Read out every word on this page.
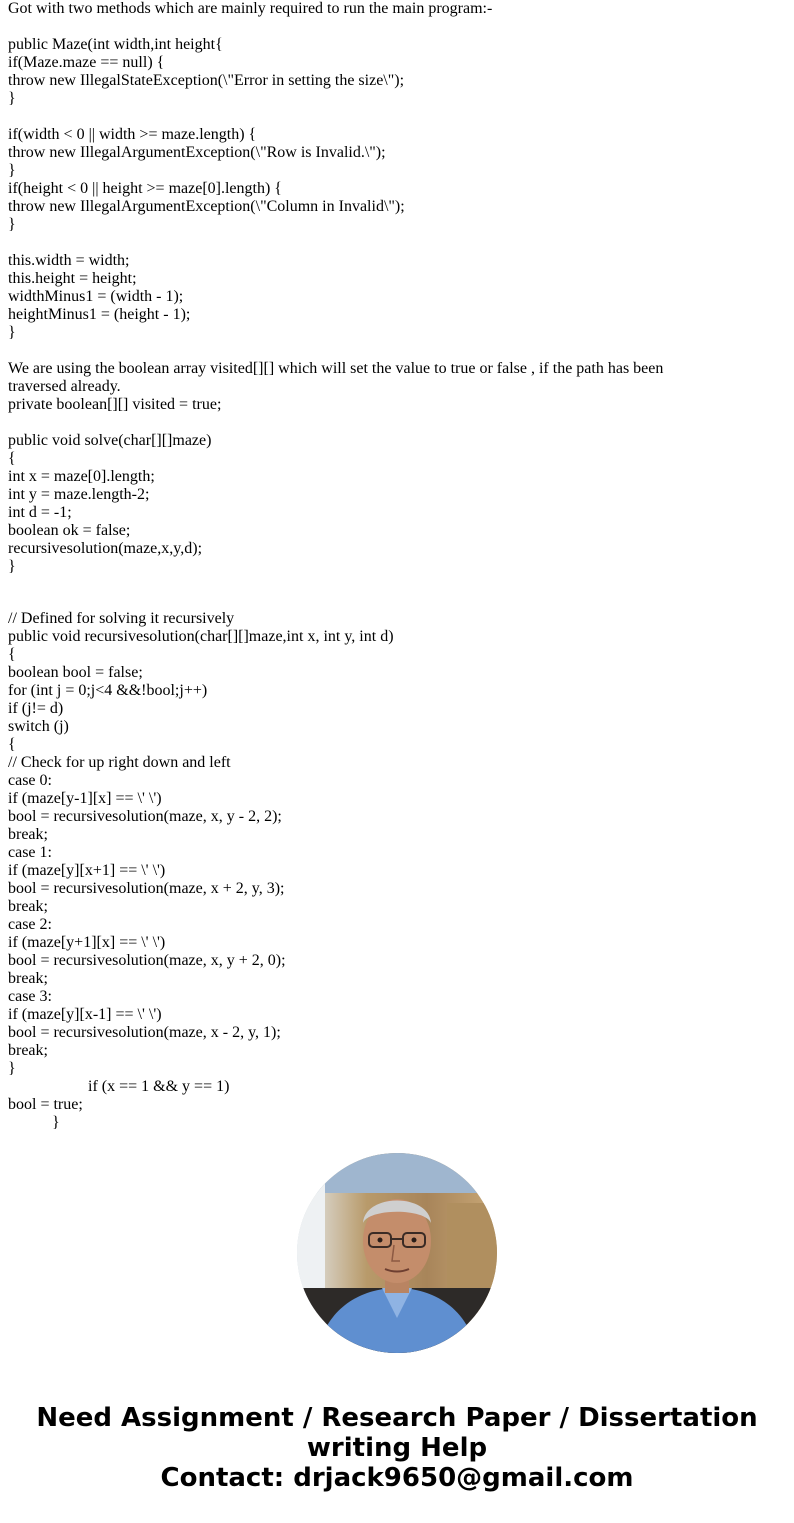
Got with two methods which are mainly required to run the main program:-
public Maze(int width,int height{
if(Maze.maze == null) {
throw new IllegalStateException(\"Error in setting the size\");
}
if(width < 0 || width >= maze.length) {
throw new IllegalArgumentException(\"Row is Invalid.\");
}
if(height < 0 || height >= maze[0].length) {
throw new IllegalArgumentException(\"Column in Invalid\");
}
this.width = width;
this.height = height;
widthMinus1 = (width - 1);
heightMinus1 = (height - 1);
}
We are using the boolean array visited[][] which will set the value to true or false , if the path has been
traversed already.
private boolean[][] visited = true;
public void solve(char[][]maze)
{
int x = maze[0].length;
int y = maze.length-2;
int d = -1;
boolean ok = false;
recursivesolution(maze,x,y,d);
}
// Defined for solving it recursively
public void recursivesolution(char[][]maze,int x, int y, int d)
{
boolean bool = false;
for (int j = 0;j<4 &&!bool;j++)
if (j!= d)
switch (j)
{
// Check for up right down and left
case 0:
if (maze[y-1][x] == \' \')
bool = recursivesolution(maze, x, y - 2, 2);
break;
case 1:
if (maze[y][x+1] == \' \')
bool = recursivesolution(maze, x + 2, y, 3);
break;
case 2:
if (maze[y+1][x] == \' \')
bool = recursivesolution(maze, x, y + 2, 0);
break;
case 3:
if (maze[y][x-1] == \' \')
bool = recursivesolution(maze, x - 2, y, 1);
break;
}
if (x == 1 && y == 1)
bool = true;
}
Need Assignment / Research Paper / Dissertation
writing Help
Contact: drjack9650@gmail.com
